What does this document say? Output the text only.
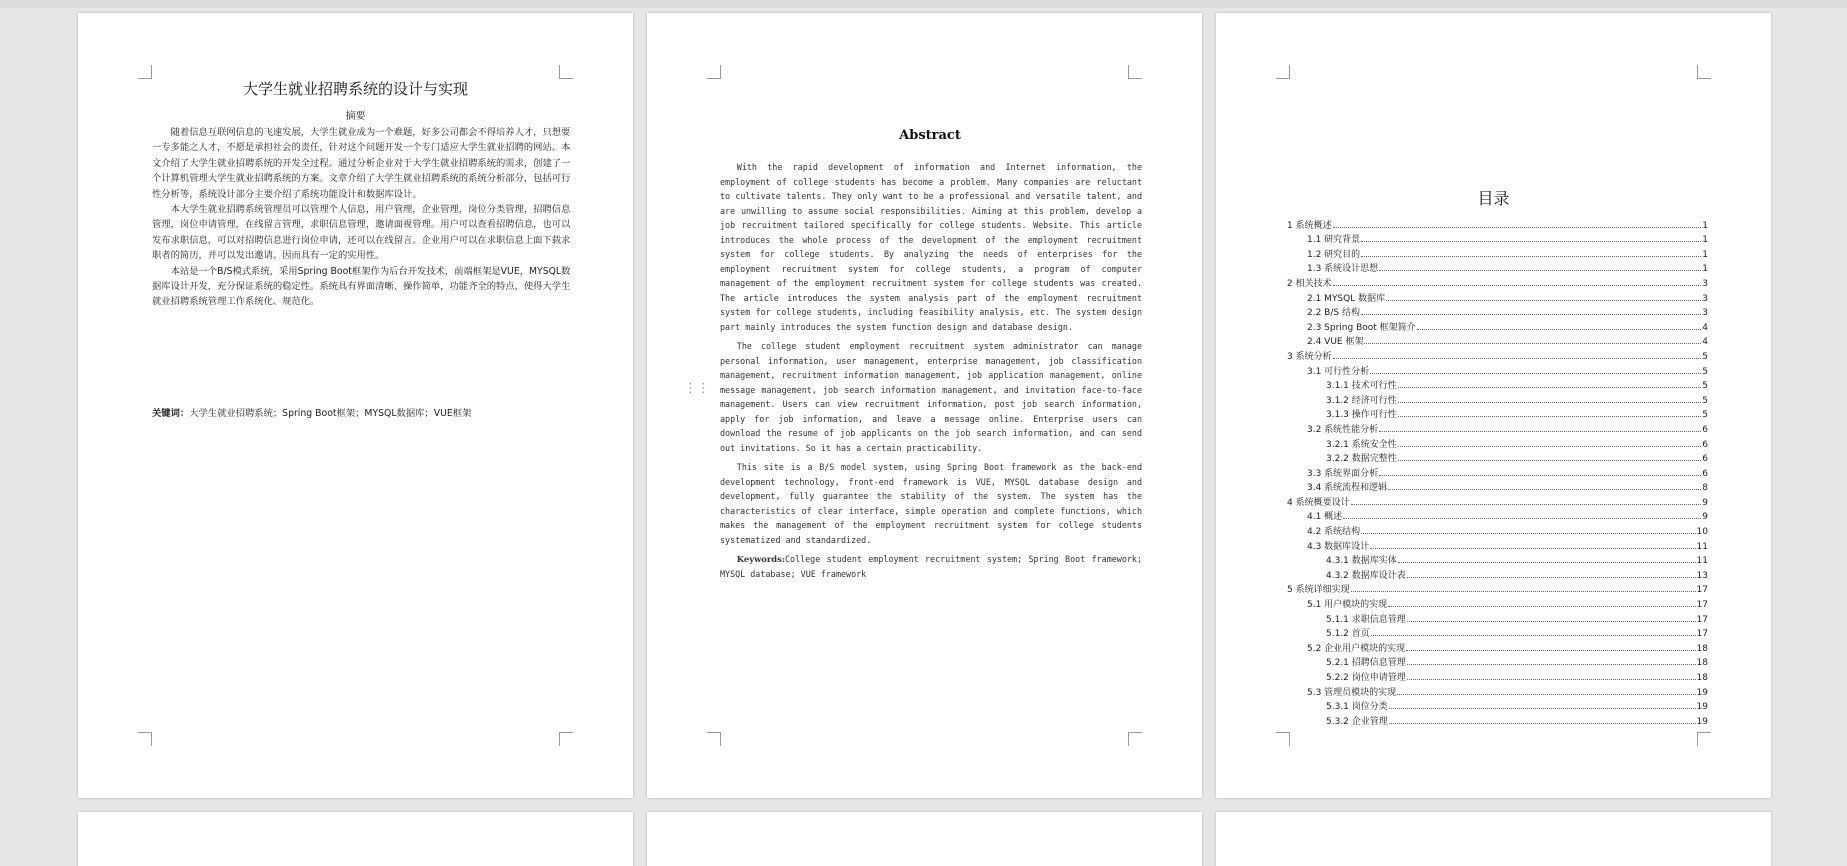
大学生就业招聘系统的设计与实现
摘要

随着信息互联网信息的飞速发展，大学生就业成为一个难题，好多公司都会不得培养人才，只想要一专多能之人才，不愿是承担社会的责任，针对这个问题开发一个专门适应大学生就业招聘的网站。本文介绍了大学生就业招聘系统的开发全过程。通过分析企业对于大学生就业招聘系统的需求，创建了一个计算机管理大学生就业招聘系统的方案。文章介绍了大学生就业招聘系统的系统分析部分，包括可行性分析等，系统设计部分主要介绍了系统功能设计和数据库设计。

本大学生就业招聘系统管理员可以管理个人信息，用户管理，企业管理，岗位分类管理，招聘信息管理，岗位申请管理，在线留言管理，求职信息管理，邀请面视管理。用户可以查看招聘信息，也可以发布求职信息，可以对招聘信息进行岗位申请，还可以在线留言。企业用户可以在求职信息上面下载求职者的简历，并可以发出邀请。因而具有一定的实用性。

本站是一个B/S模式系统，采用Spring Boot框架作为后台开发技术，前端框架是VUE，MYSQL数据库设计开发，充分保证系统的稳定性。系统具有界面清晰、操作简单，功能齐全的特点，使得大学生就业招聘系统管理工作系统化、规范化。

关键词：大学生就业招聘系统；Spring Boot框架；MYSQL数据库；VUE框架
⋮⋮
Abstract

With the rapid development of information and Internet information, the employment of college students has become a problem. Many companies are reluctant to cultivate talents. They only want to be a professional and versatile talent, and are unwilling to assume social responsibilities. Aiming at this problem, develop a job recruitment tailored specifically for college students. Website. This article introduces the whole process of the development of the employment recruitment system for college students. By analyzing the needs of enterprises for the employment recruitment system for college students, a program of computer management of the employment recruitment system for college students was created. The article introduces the system analysis part of the employment recruitment system for college students, including feasibility analysis, etc. The system design part mainly introduces the system function design and database design.

The college student employment recruitment system administrator can manage personal information, user management, enterprise management, job classification management, recruitment information management, job application management, online message management, job search information management, and invitation face-to-face management. Users can view recruitment information, post job search information, apply for job information, and leave a message online. Enterprise users can download the resume of job applicants on the job search information, and can send out invitations. So it has a certain practicability.

This site is a B/S model system, using Spring Boot framework as the back-end development technology, front-end framework is VUE, MYSQL database design and development, fully guarantee the stability of the system. The system has the characteristics of clear interface, simple operation and complete functions, which makes the management of the employment recruitment system for college students systematized and standardized.

Keywords:College student employment recruitment system; Spring Boot framework; MYSQL database; VUE framework
目录
1 系统概述	1
1.1 研究背景	1
1.2 研究目的	1
1.3 系统设计思想	1
2 相关技术	3
2.1 MYSQL 数据库	3
2.2 B/S 结构	3
2.3 Spring Boot 框架简介	4
2.4 VUE 框架	4
3 系统分析	5
3.1 可行性分析	5
3.1.1 技术可行性	5
3.1.2 经济可行性	5
3.1.3 操作可行性	5
3.2 系统性能分析	6
3.2.1 系统安全性	6
3.2.2 数据完整性	6
3.3 系统界面分析	6
3.4 系统流程和逻辑	8
4 系统概要设计	9
4.1 概述	9
4.2 系统结构	10
4.3 数据库设计	11
4.3.1 数据库实体	11
4.3.2 数据库设计表	13
5 系统详细实现	17
5.1 用户模块的实现	17
5.1.1 求职信息管理	17
5.1.2 首页	17
5.2 企业用户模块的实现	18
5.2.1 招聘信息管理	18
5.2.2 岗位申请管理	18
5.3 管理员模块的实现	19
5.3.1 岗位分类	19
5.3.2 企业管理	19
